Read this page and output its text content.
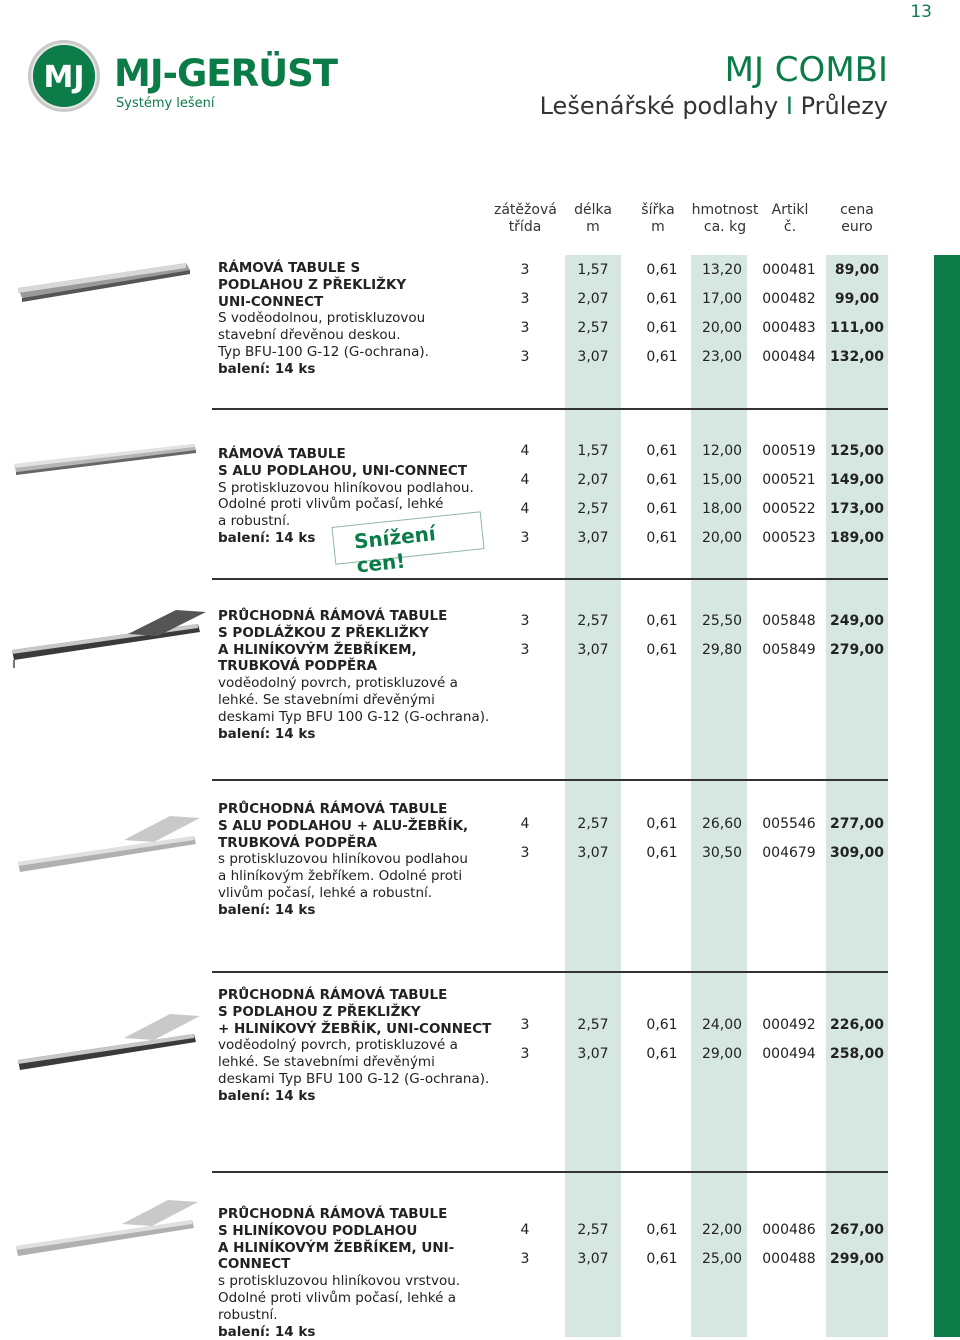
13
MJ MJ-GERÜST
Systémy lešení
MJ COMBI
Lešenářské podlahy I Průlezy
zátěžová
třída
délka
m
šířka
m
hmotnost
ca. kg
Artikl
č.
cena
euro
RÁMOVÁ TABULE S
PODLAHOU Z PŘEKLIŽKY
UNI-CONNECT
S voděodolnou, protiskluzovou
stavební dřevěnou deskou.
Typ BFU-100 G-12 (G-ochrana).
balení: 14 ks
3	1,57	0,61	13,20	000481	89,00
3	2,07	0,61	17,00	000482	99,00
3	2,57	0,61	20,00	000483	111,00
3	3,07	0,61	23,00	000484	132,00
RÁMOVÁ TABULE
S ALU PODLAHOU, UNI-CONNECT
S protiskluzovou hliníkovou podlahou.
Odolné proti vlivům počasí, lehké
a robustní.
balení: 14 ks	Snížení cen!
4	1,57	0,61	12,00	000519	125,00
4	2,07	0,61	15,00	000521	149,00
4	2,57	0,61	18,00	000522	173,00
3	3,07	0,61	20,00	000523	189,00
PRŮCHODNÁ RÁMOVÁ TABULE
S PODLÁŽKOU Z PŘEKLIŽKY
A HLINÍKOVÝM ŽEBŘÍKEM,
TRUBKOVÁ PODPĚRA
voděodolný povrch, protiskluzové a
lehké. Se stavebními dřevěnými
deskami Typ BFU 100 G-12 (G-ochrana).
balení: 14 ks
3	2,57	0,61	25,50	005848	249,00
3	3,07	0,61	29,80	005849	279,00
PRŮCHODNÁ RÁMOVÁ TABULE
S ALU PODLAHOU + ALU-ŽEBŘÍK,
TRUBKOVÁ PODPĚRA
s protiskluzovou hliníkovou podlahou
a hliníkovým žebříkem. Odolné proti
vlivům počasí, lehké a robustní.
balení: 14 ks
4	2,57	0,61	26,60	005546	277,00
3	3,07	0,61	30,50	004679	309,00
PRŮCHODNÁ RÁMOVÁ TABULE
S PODLAHOU Z PŘEKLIŽKY
+ HLINÍKOVÝ ŽEBŘÍK, UNI-CONNECT
voděodolný povrch, protiskluzové a
lehké. Se stavebními dřevěnými
deskami Typ BFU 100 G-12 (G-ochrana).
balení: 14 ks
3	2,57	0,61	24,00	000492	226,00
3	3,07	0,61	29,00	000494	258,00
PRŮCHODNÁ RÁMOVÁ TABULE
S HLINÍKOVOU PODLAHOU
A HLINÍKOVÝM ŽEBŘÍKEM, UNI-CONNECT
s protiskluzovou hliníkovou vrstvou.
Odolné proti vlivům počasí, lehké a robustní.
balení: 14 ks
4	2,57	0,61	22,00	000486	267,00
3	3,07	0,61	25,00	000488	299,00
